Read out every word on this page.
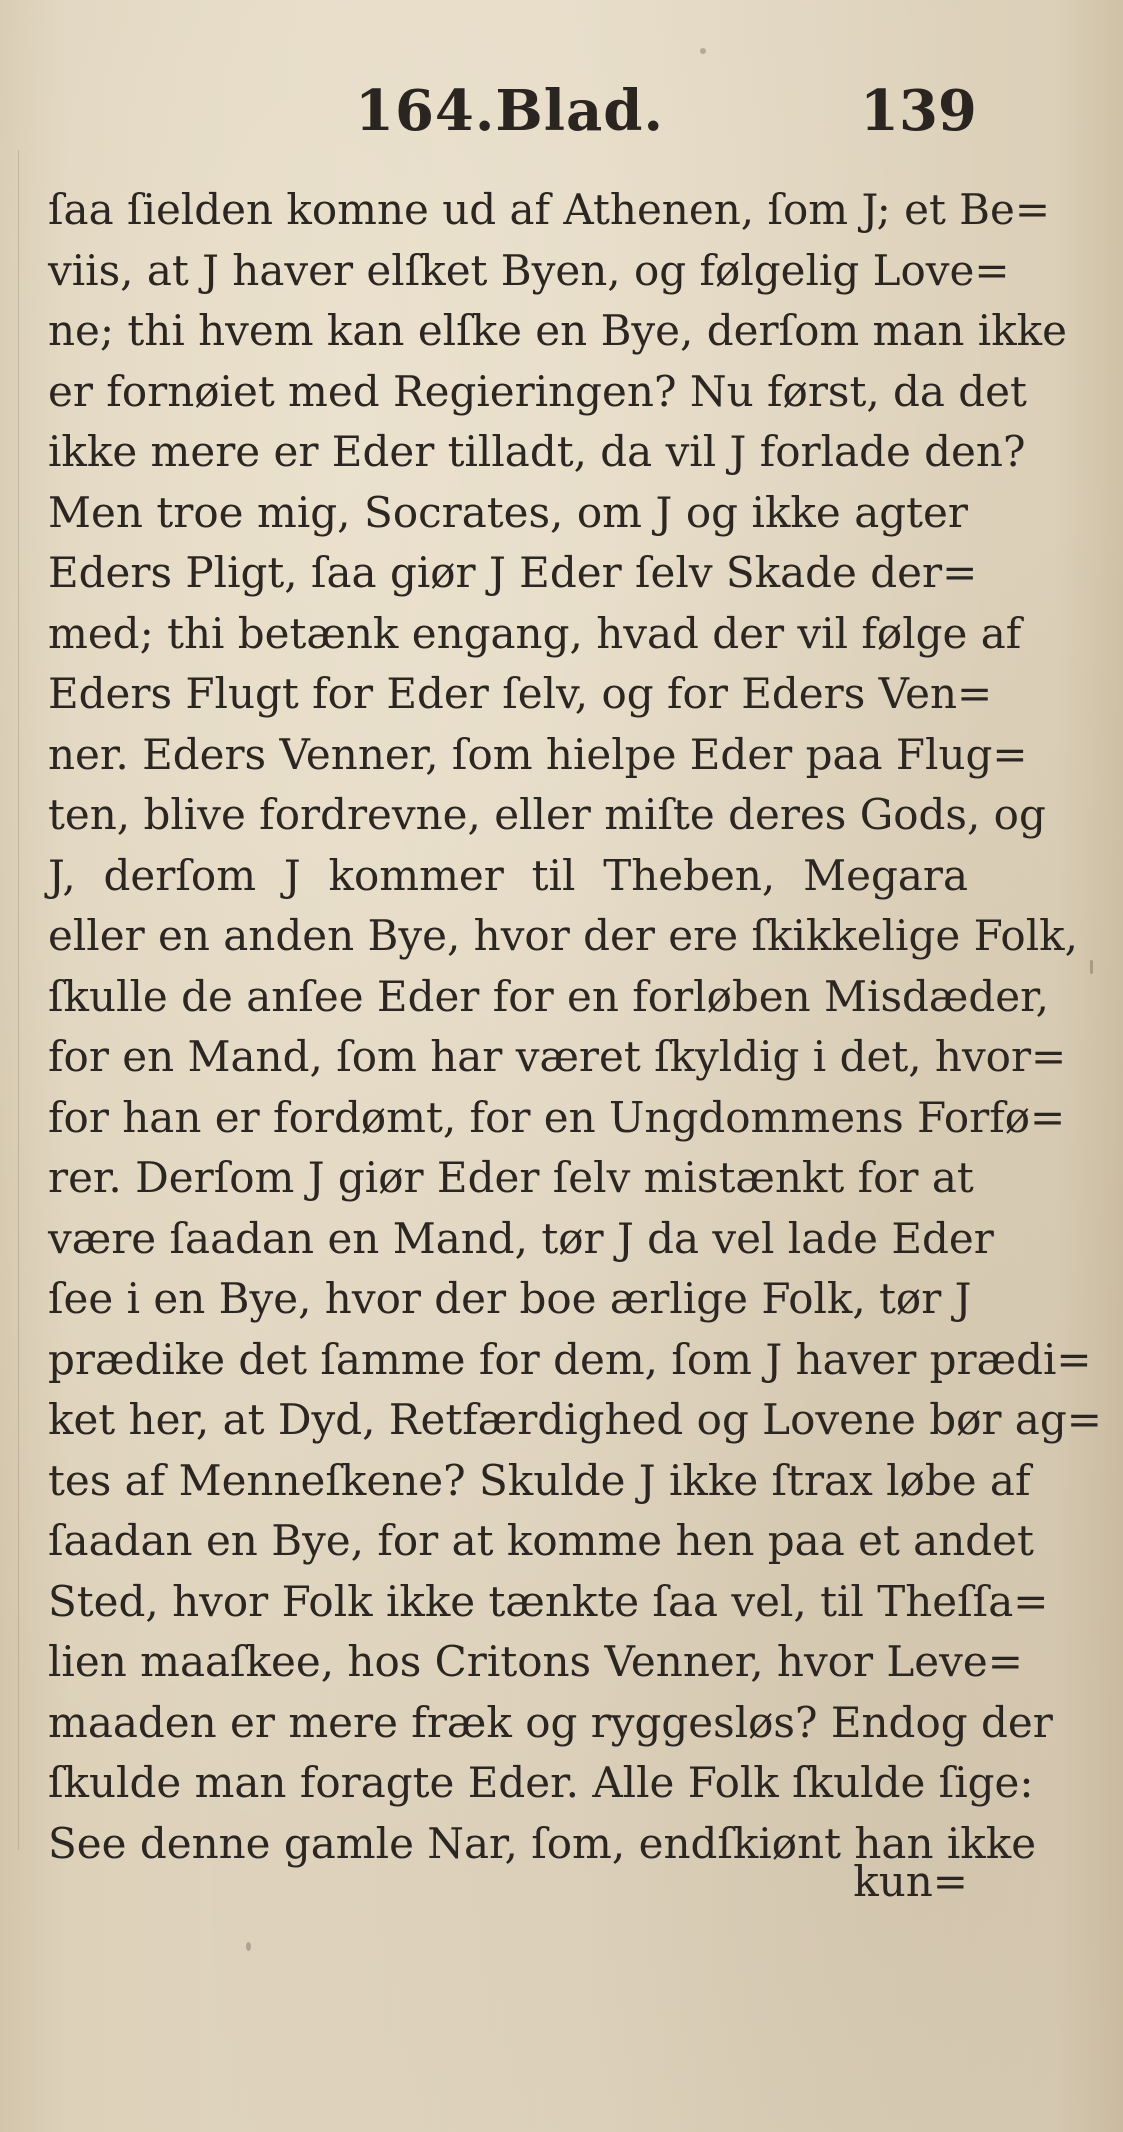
164.Blad.	139
ſaa ſielden komne ud af Athenen, ſom J; et Be=
viis, at J haver elſket Byen, og følgelig Love=
ne; thi hvem kan elſke en Bye, derſom man ikke
er fornøiet med Regieringen? Nu først, da det
ikke mere er Eder tilladt, da vil J forlade den?
Men troe mig, Socrates, om J og ikke agter
Eders Pligt, ſaa giør J Eder ſelv Skade der=
med; thi betænk engang, hvad der vil følge af
Eders Flugt for Eder ſelv, og for Eders Ven=
ner. Eders Venner, ſom hielpe Eder paa Flug=
ten, blive fordrevne, eller miſte deres Gods, og
J, derſom J kommer til Theben, Megara
eller en anden Bye, hvor der ere ſkikkelige Folk,
ſkulle de anſee Eder for en forløben Misdæder,
for en Mand, ſom har været ſkyldig i det, hvor=
for han er fordømt, for en Ungdommens Forfø=
rer. Derſom J giør Eder ſelv mistænkt for at
være ſaadan en Mand, tør J da vel lade Eder
ſee i en Bye, hvor der boe ærlige Folk, tør J
prædike det ſamme for dem, ſom J haver prædi=
ket her, at Dyd, Retfærdighed og Lovene bør ag=
tes af Menneſkene? Skulde J ikke ſtrax løbe af
ſaadan en Bye, for at komme hen paa et andet
Sted, hvor Folk ikke tænkte ſaa vel, til Theſſa=
lien maaſkee, hos Critons Venner, hvor Leve=
maaden er mere fræk og ryggesløs? Endog der
ſkulde man foragte Eder. Alle Folk ſkulde ſige:
See denne gamle Nar, ſom, endſkiønt han ikke
kun=
